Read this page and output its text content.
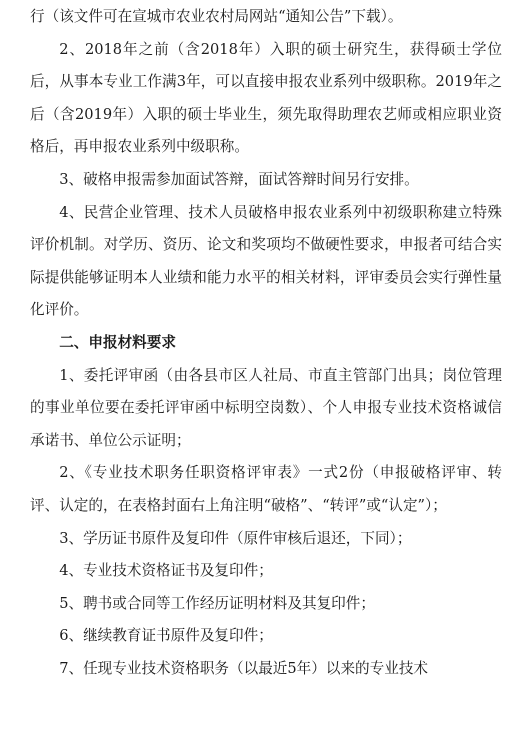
行（该文件可在宣城市农业农村局网站“通知公告”下载）。

2、2018年之前（含2018年）入职的硕士研究生，获得硕士学位后，从事本专业工作满3年，可以直接申报农业系列中级职称。2019年之后（含2019年）入职的硕士毕业生，须先取得助理农艺师或相应职业资格后，再申报农业系列中级职称。

3、破格申报需参加面试答辩，面试答辩时间另行安排。

4、民营企业管理、技术人员破格申报农业系列中初级职称建立特殊评价机制。对学历、资历、论文和奖项均不做硬性要求，申报者可结合实际提供能够证明本人业绩和能力水平的相关材料，评审委员会实行弹性量化评价。

二、申报材料要求

1、委托评审函（由各县市区人社局、市直主管部门出具；岗位管理的事业单位要在委托评审函中标明空岗数）、个人申报专业技术资格诚信承诺书、单位公示证明；

2、《专业技术职务任职资格评审表》一式2份（申报破格评审、转评、认定的，在表格封面右上角注明“破格”、“转评”或“认定”）；

3、学历证书原件及复印件（原件审核后退还，下同）；

4、专业技术资格证书及复印件；

5、聘书或合同等工作经历证明材料及其复印件；

6、继续教育证书原件及复印件；

7、任现专业技术资格职务（以最近5年）以来的专业技术
